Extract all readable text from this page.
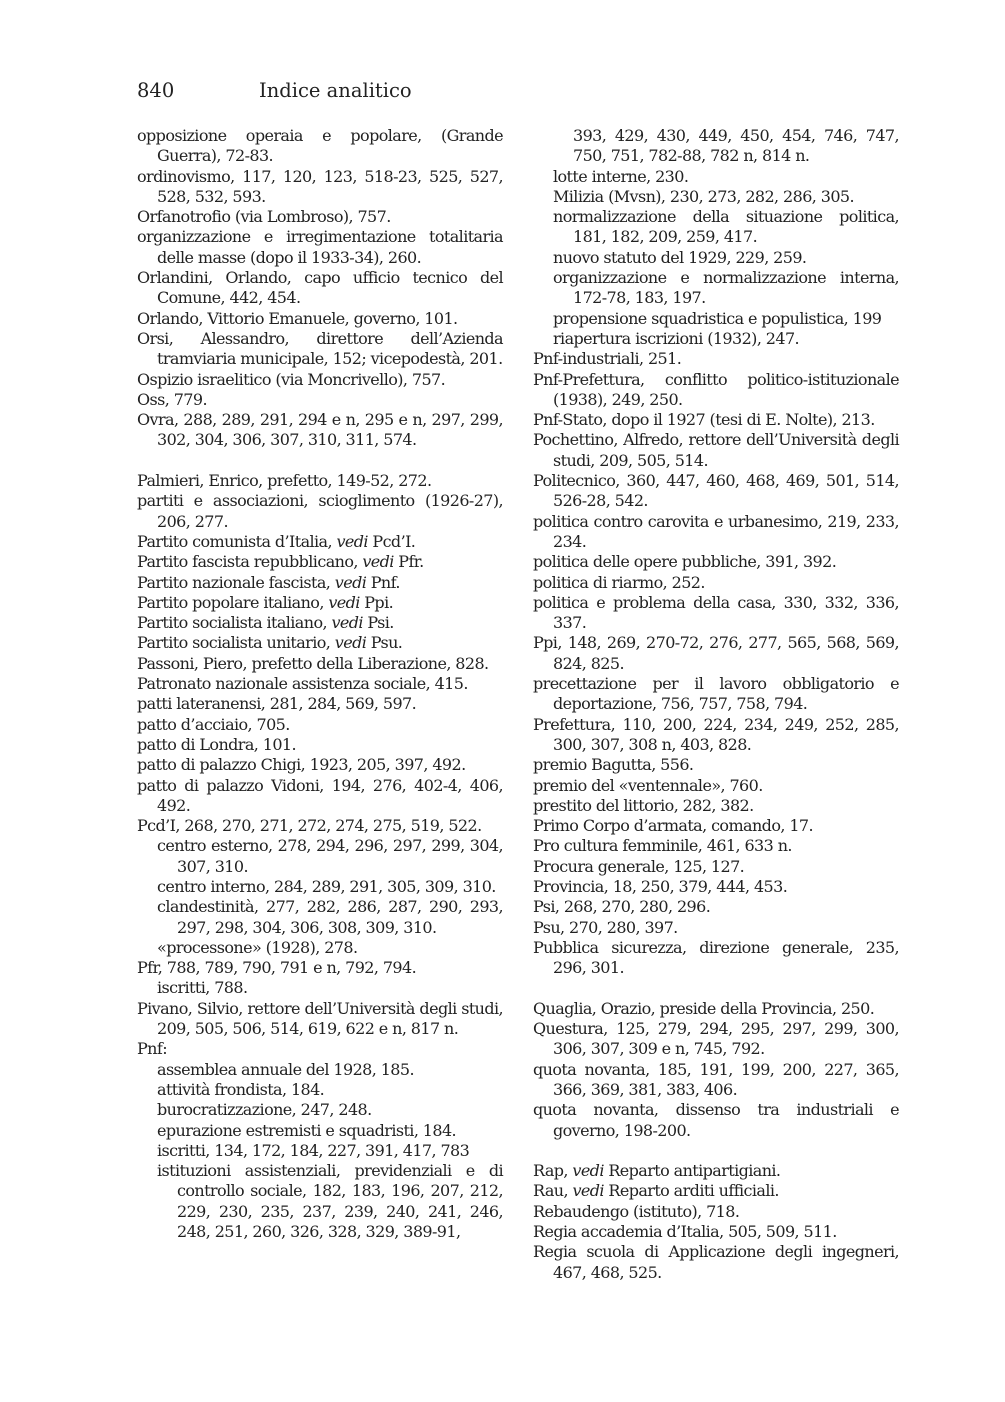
840	Indice analitico
opposizione operaia e popolare, (Grande Guerra), 72-83.
ordinovismo, 117, 120, 123, 518-23, 525, 527, 528, 532, 593.
Orfanotrofio (via Lombroso), 757.
organizzazione e irregimentazione totalitaria delle masse (dopo il 1933-34), 260.
Orlandini, Orlando, capo ufficio tecnico del Comune, 442, 454.
Orlando, Vittorio Emanuele, governo, 101.
Orsi, Alessandro, direttore dell’Azienda tramviaria municipale, 152; vicepodestà, 201.
Ospizio israelitico (via Moncrivello), 757.
Oss, 779.
Ovra, 288, 289, 291, 294 e n, 295 e n, 297, 299, 302, 304, 306, 307, 310, 311, 574.
Palmieri, Enrico, prefetto, 149-52, 272.
partiti e associazioni, scioglimento (1926-27), 206, 277.
Partito comunista d’Italia, vedi Pcd’I.
Partito fascista repubblicano, vedi Pfr.
Partito nazionale fascista, vedi Pnf.
Partito popolare italiano, vedi Ppi.
Partito socialista italiano, vedi Psi.
Partito socialista unitario, vedi Psu.
Passoni, Piero, prefetto della Liberazione, 828.
Patronato nazionale assistenza sociale, 415.
patti lateranensi, 281, 284, 569, 597.
patto d’acciaio, 705.
patto di Londra, 101.
patto di palazzo Chigi, 1923, 205, 397, 492.
patto di palazzo Vidoni, 194, 276, 402-4, 406, 492.
Pcd’I, 268, 270, 271, 272, 274, 275, 519, 522.
centro esterno, 278, 294, 296, 297, 299, 304, 307, 310.
centro interno, 284, 289, 291, 305, 309, 310.
clandestinità, 277, 282, 286, 287, 290, 293, 297, 298, 304, 306, 308, 309, 310.
«processone» (1928), 278.
Pfr, 788, 789, 790, 791 e n, 792, 794.
iscritti, 788.
Pivano, Silvio, rettore dell’Università degli studi, 209, 505, 506, 514, 619, 622 e n, 817 n.
Pnf:
assemblea annuale del 1928, 185.
attività frondista, 184.
burocratizzazione, 247, 248.
epurazione estremisti e squadristi, 184.
iscritti, 134, 172, 184, 227, 391, 417, 783
istituzioni assistenziali, previdenziali e di controllo sociale, 182, 183, 196, 207, 212, 229, 230, 235, 237, 239, 240, 241, 246, 248, 251, 260, 326, 328, 329, 389-91,
393, 429, 430, 449, 450, 454, 746, 747, 750, 751, 782-88, 782 n, 814 n.
lotte interne, 230.
Milizia (Mvsn), 230, 273, 282, 286, 305.
normalizzazione della situazione politica, 181, 182, 209, 259, 417.
nuovo statuto del 1929, 229, 259.
organizzazione e normalizzazione interna, 172-78, 183, 197.
propensione squadristica e populistica, 199
riapertura iscrizioni (1932), 247.
Pnf-industriali, 251.
Pnf-Prefettura, conflitto politico-istituzionale (1938), 249, 250.
Pnf-Stato, dopo il 1927 (tesi di E. Nolte), 213.
Pochettino, Alfredo, rettore dell’Università degli studi, 209, 505, 514.
Politecnico, 360, 447, 460, 468, 469, 501, 514, 526-28, 542.
politica contro carovita e urbanesimo, 219, 233, 234.
politica delle opere pubbliche, 391, 392.
politica di riarmo, 252.
politica e problema della casa, 330, 332, 336, 337.
Ppi, 148, 269, 270-72, 276, 277, 565, 568, 569, 824, 825.
precettazione per il lavoro obbligatorio e deportazione, 756, 757, 758, 794.
Prefettura, 110, 200, 224, 234, 249, 252, 285, 300, 307, 308 n, 403, 828.
premio Bagutta, 556.
premio del «ventennale», 760.
prestito del littorio, 282, 382.
Primo Corpo d’armata, comando, 17.
Pro cultura femminile, 461, 633 n.
Procura generale, 125, 127.
Provincia, 18, 250, 379, 444, 453.
Psi, 268, 270, 280, 296.
Psu, 270, 280, 397.
Pubblica sicurezza, direzione generale, 235, 296, 301.
Quaglia, Orazio, preside della Provincia, 250.
Questura, 125, 279, 294, 295, 297, 299, 300, 306, 307, 309 e n, 745, 792.
quota novanta, 185, 191, 199, 200, 227, 365, 366, 369, 381, 383, 406.
quota novanta, dissenso tra industriali e governo, 198-200.
Rap, vedi Reparto antipartigiani.
Rau, vedi Reparto arditi ufficiali.
Rebaudengo (istituto), 718.
Regia accademia d’Italia, 505, 509, 511.
Regia scuola di Applicazione degli ingegneri, 467, 468, 525.
